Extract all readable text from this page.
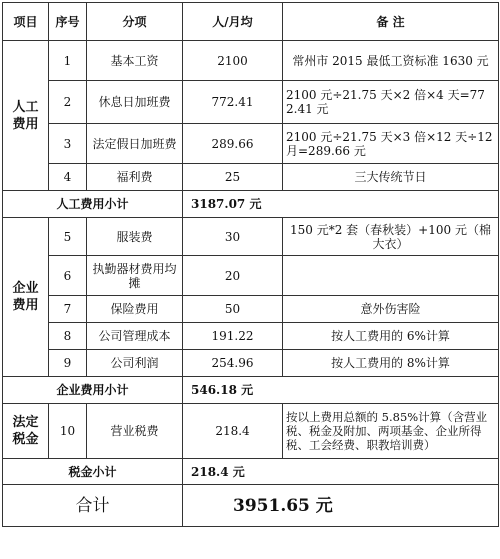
项目	序号	分项	人/月均	备 注
人工费用	1	基本工资	2100	常州市 2015 最低工资标准 1630 元
	2	休息日加班费	772.41	2100 元÷21.75 天×2 倍×4 天=772.41 元
	3	法定假日加班费	289.66	2100 元÷21.75 天×3 倍×12 天÷12 月=289.66 元
	4	福利费	25	三大传统节日
人工费用小计			3187.07 元	
企业费用	5	服装费	30	150 元*2 套（春秋装）+100 元（棉大衣）
	6	执勤器材费用均摊	20	
	7	保险费用	50	意外伤害险
	8	公司管理成本	191.22	按人工费用的 6%计算
	9	公司利润	254.96	按人工费用的 8%计算
企业费用小计			546.18 元	
法定税金	10	营业税费	218.4	按以上费用总额的 5.85%计算（含营业税、税金及附加、两项基金、企业所得税、工会经费、职教培训费）
税金小计			218.4 元	
合计			3951.65 元	
